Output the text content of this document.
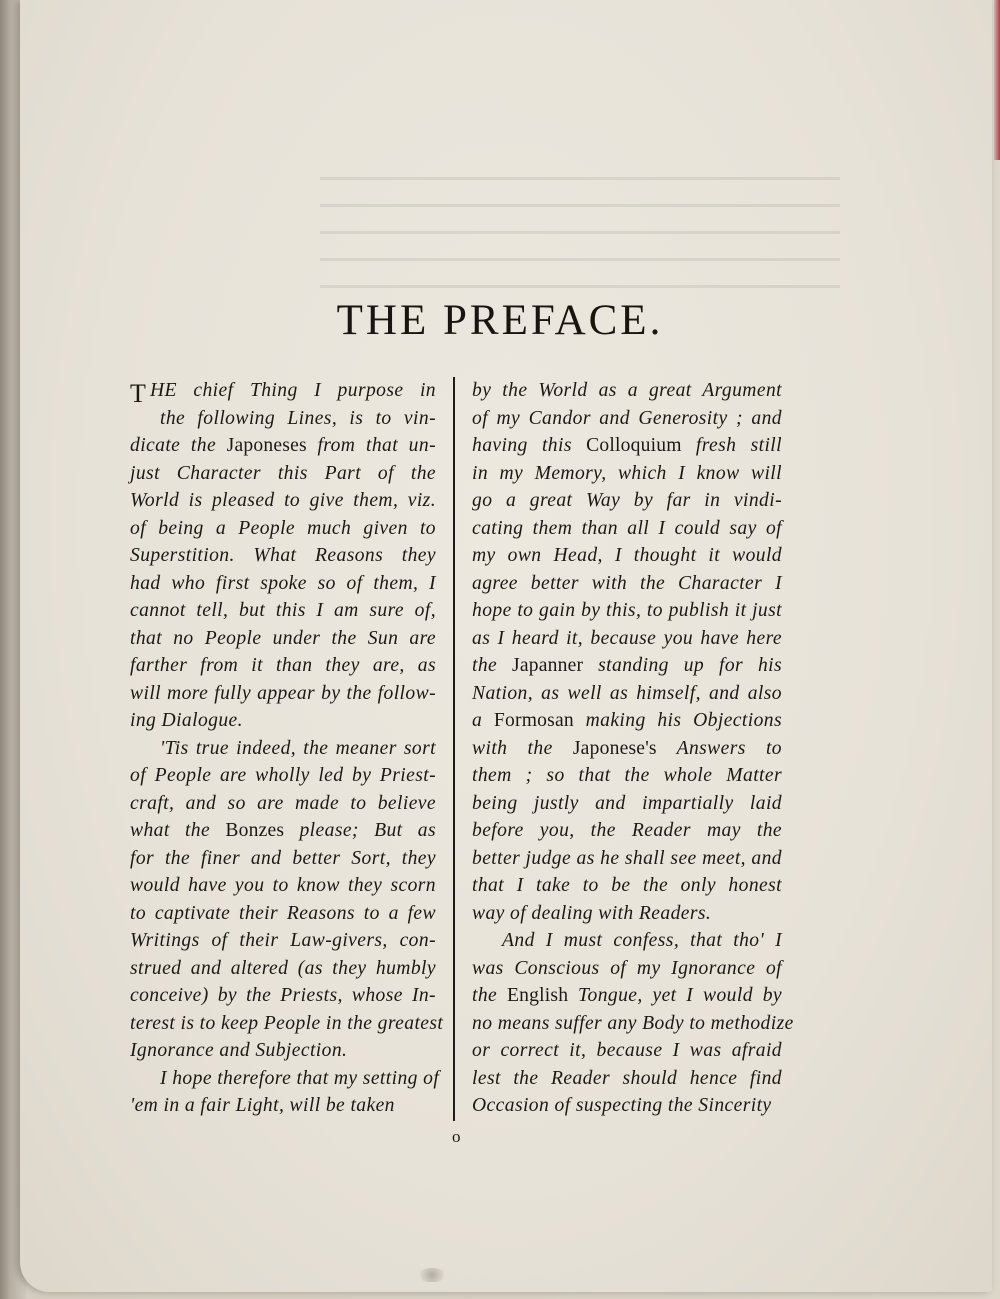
THE PREFACE.
T HE chief Thing I purpose in
the following Lines, is to vin-
dicate the Japoneses from that un-
just Character this Part of the
World is pleased to give them, viz.
of being a People much given to
Superstition. What Reasons they
had who first spoke so of them, I
cannot tell, but this I am sure of,
that no People under the Sun are
farther from it than they are, as
will more fully appear by the follow-
ing Dialogue.
'Tis true indeed, the meaner sort
of People are wholly led by Priest-
craft, and so are made to believe
what the Bonzes please; But as
for the finer and better Sort, they
would have you to know they scorn
to captivate their Reasons to a few
Writings of their Law-givers, con-
strued and altered (as they humbly
conceive) by the Priests, whose In-
terest is to keep People in the greatest
Ignorance and Subjection.
I hope therefore that my setting of
'em in a fair Light, will be taken
by the World as a great Argument
of my Candor and Generosity ; and
having this Colloquium fresh still
in my Memory, which I know will
go a great Way by far in vindi-
cating them than all I could say of
my own Head, I thought it would
agree better with the Character I
hope to gain by this, to publish it just
as I heard it, because you have here
the Japanner standing up for his
Nation, as well as himself, and also
a Formosan making his Objections
with the Japonese's Answers to
them ; so that the whole Matter
being justly and impartially laid
before you, the Reader may the
better judge as he shall see meet, and
that I take to be the only honest
way of dealing with Readers.
And I must confess, that tho' I
was Conscious of my Ignorance of
the English Tongue, yet I would by
no means suffer any Body to methodize
or correct it, because I was afraid
lest the Reader should hence find
Occasion of suspecting the Sincerity
o
